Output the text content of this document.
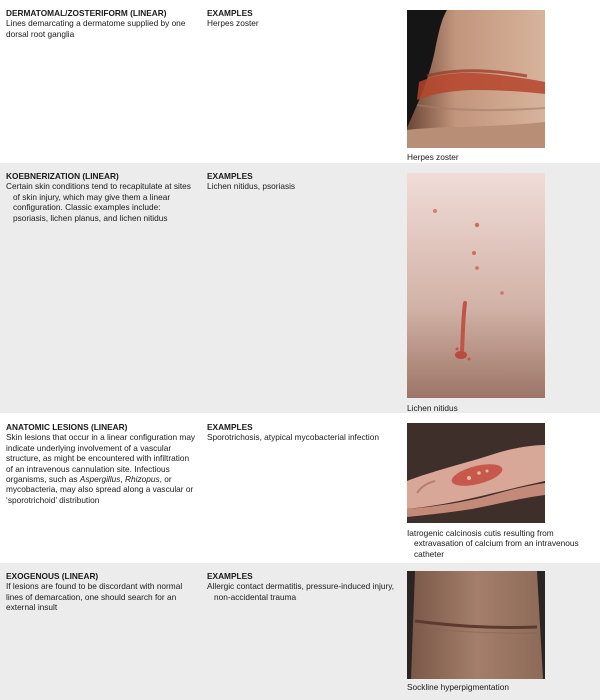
DERMATOMAL/ZOSTERIFORM (LINEAR)
Lines demarcating a dermatome supplied by one dorsal root ganglia
EXAMPLES
Herpes zoster
Herpes zoster
KOEBNERIZATION (LINEAR)
Certain skin conditions tend to recapitulate at sites of skin injury, which may give them a linear configuration. Classic examples include: psoriasis, lichen planus, and lichen nitidus
EXAMPLES
Lichen nitidus, psoriasis
Lichen nitidus
ANATOMIC LESIONS (LINEAR)
Skin lesions that occur in a linear configuration may indicate underlying involvement of a vascular structure, as might be encountered with infiltration of an intravenous cannulation site. Infectious organisms, such as Aspergillus, Rhizopus, or mycobacteria, may also spread along a vascular or ‘sporotrichoid’ distribution
EXAMPLES
Sporotrichosis, atypical mycobacterial infection
Iatrogenic calcinosis cutis resulting from extravasation of calcium from an intravenous catheter
EXOGENOUS (LINEAR)
If lesions are found to be discordant with normal lines of demarcation, one should search for an external insult
EXAMPLES
Allergic contact dermatitis, pressure-induced injury, non-accidental trauma
Sockline hyperpigmentation
